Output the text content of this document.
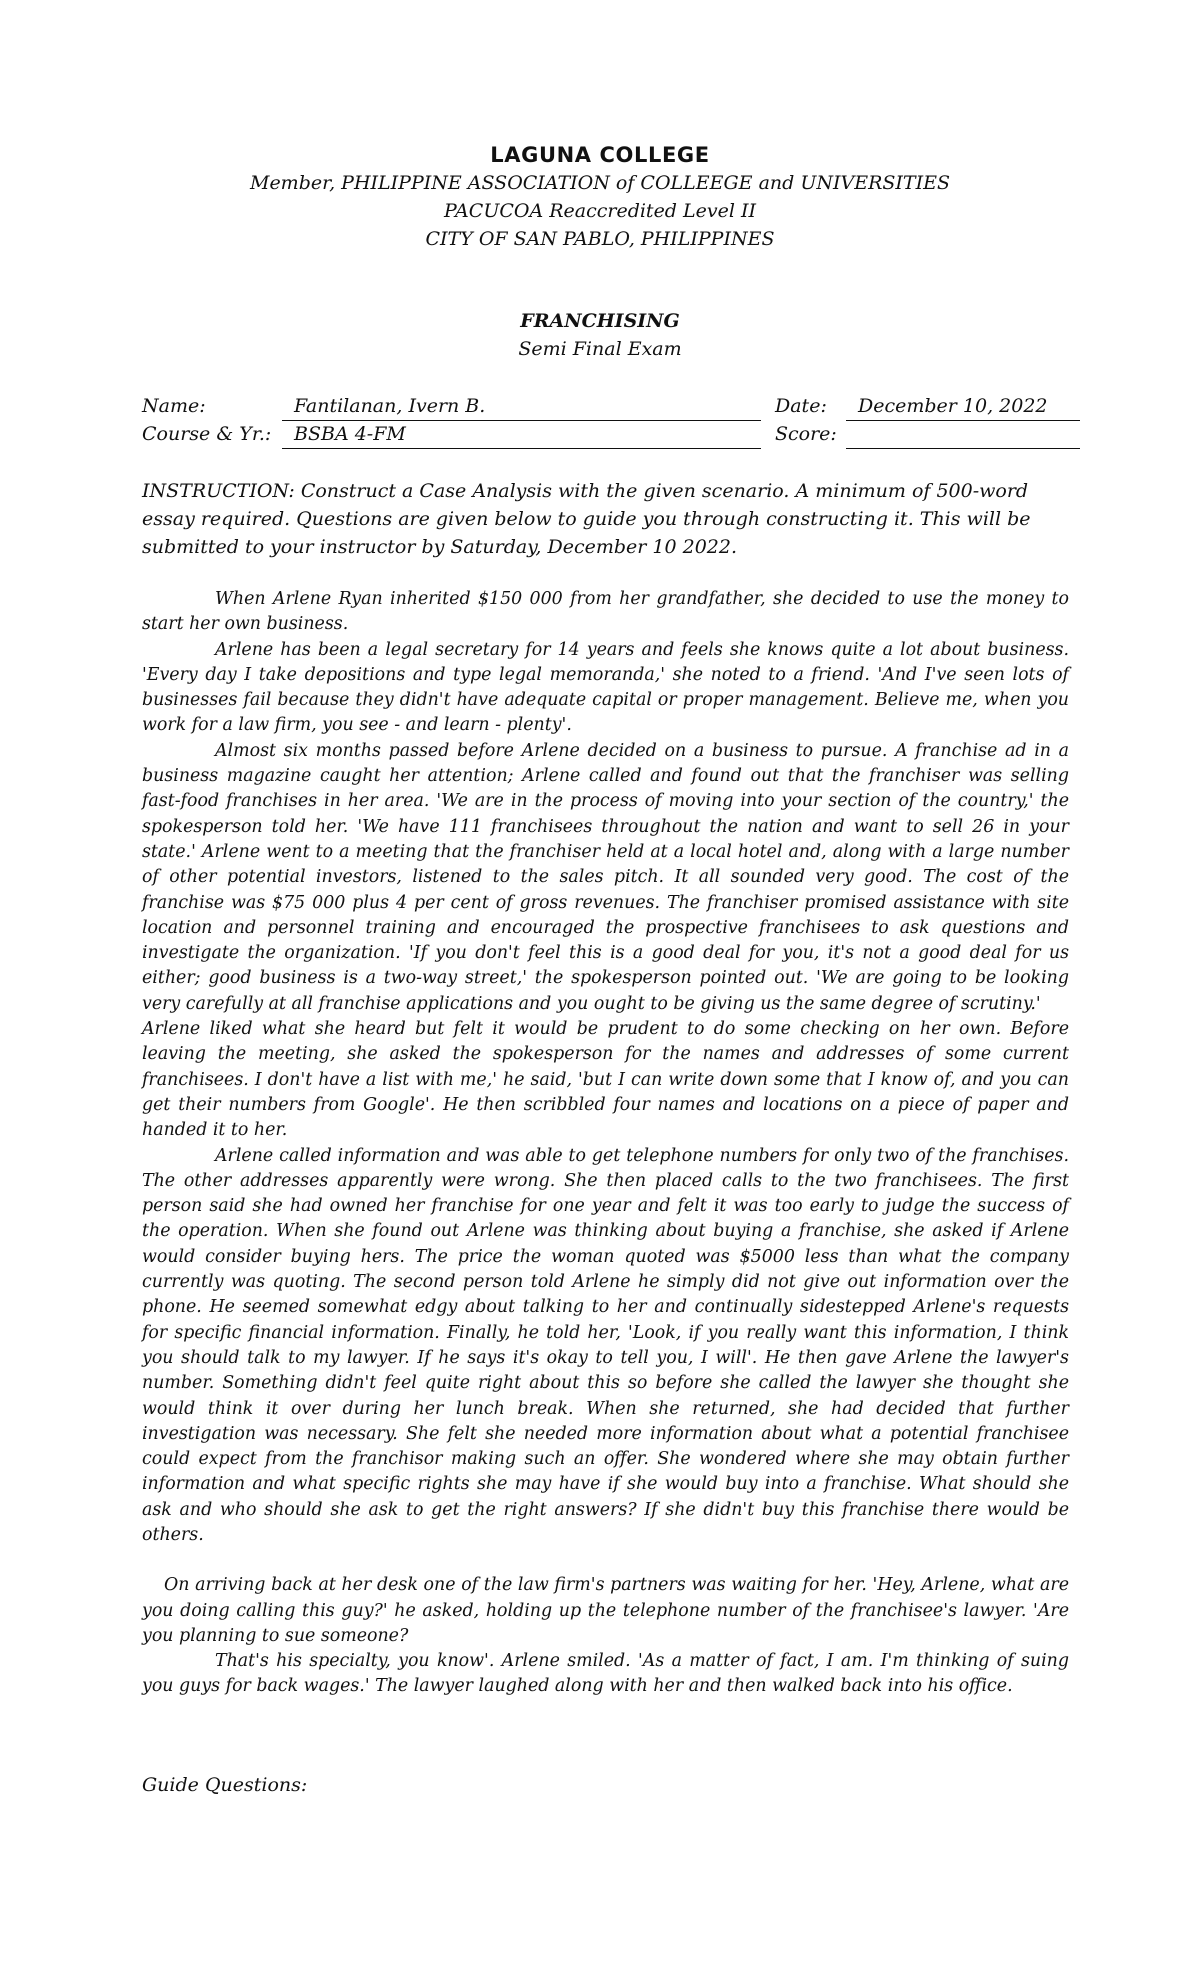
LAGUNA COLLEGE
Member, PHILIPPINE ASSOCIATION of COLLEEGE and UNIVERSITIES
PACUCOA Reaccredited Level II
CITY OF SAN PABLO, PHILIPPINES
FRANCHISING
Semi Final Exam
Name:	Fantilanan, Ivern B.	Date:	December 10, 2022
Course & Yr.:	BSBA 4-FM	Score:
INSTRUCTION: Construct a Case Analysis with the given scenario. A minimum of 500-word essay required. Questions are given below to guide you through constructing it. This will be submitted to your instructor by Saturday, December 10 2022.

When Arlene Ryan inherited $150 000 from her grandfather, she decided to use the money to start her own business.

Arlene has been a legal secretary for 14 years and feels she knows quite a lot about business. 'Every day I take depositions and type legal memoranda,' she noted to a friend. 'And I've seen lots of businesses fail because they didn't have adequate capital or proper management. Believe me, when you work for a law firm, you see - and learn - plenty'.

Almost six months passed before Arlene decided on a business to pursue. A franchise ad in a business magazine caught her attention; Arlene called and found out that the franchiser was selling fast-food franchises in her area. 'We are in the process of moving into your section of the country,' the spokesperson told her. 'We have 111 franchisees throughout the nation and want to sell 26 in your state.' Arlene went to a meeting that the franchiser held at a local hotel and, along with a large number of other potential investors, listened to the sales pitch. It all sounded very good. The cost of the franchise was $75 000 plus 4 per cent of gross revenues. The franchiser promised assistance with site location and personnel training and encouraged the prospective franchisees to ask questions and investigate the organization. 'If you don't feel this is a good deal for you, it's not a good deal for us either; good business is a two-way street,' the spokesperson pointed out. 'We are going to be looking very carefully at all franchise applications and you ought to be giving us the same degree of scrutiny.'

Arlene liked what she heard but felt it would be prudent to do some checking on her own. Before leaving the meeting, she asked the spokesperson for the names and addresses of some current franchisees. I don't have a list with me,' he said, 'but I can write down some that I know of, and you can get their numbers from Google'. He then scribbled four names and locations on a piece of paper and handed it to her.

Arlene called information and was able to get telephone numbers for only two of the franchises. The other addresses apparently were wrong. She then placed calls to the two franchisees. The first person said she had owned her franchise for one year and felt it was too early to judge the success of the operation. When she found out Arlene was thinking about buying a franchise, she asked if Arlene would consider buying hers. The price the woman quoted was $5000 less than what the company currently was quoting. The second person told Arlene he simply did not give out information over the phone. He seemed somewhat edgy about talking to her and continually sidestepped Arlene's requests for specific financial information. Finally, he told her, 'Look, if you really want this information, I think you should talk to my lawyer. If he says it's okay to tell you, I will'. He then gave Arlene the lawyer's number. Something didn't feel quite right about this so before she called the lawyer she thought she would think it over during her lunch break. When she returned, she had decided that further investigation was necessary. She felt she needed more information about what a potential franchisee could expect from the franchisor making such an offer. She wondered where she may obtain further information and what specific rights she may have if she would buy into a franchise. What should she ask and who should she ask to get the right answers? If she didn't buy this franchise there would be others.

On arriving back at her desk one of the law firm's partners was waiting for her. 'Hey, Arlene, what are you doing calling this guy?' he asked, holding up the telephone number of the franchisee's lawyer. 'Are you planning to sue someone?

That's his specialty, you know'. Arlene smiled. 'As a matter of fact, I am. I'm thinking of suing you guys for back wages.' The lawyer laughed along with her and then walked back into his office.

Guide Questions:
